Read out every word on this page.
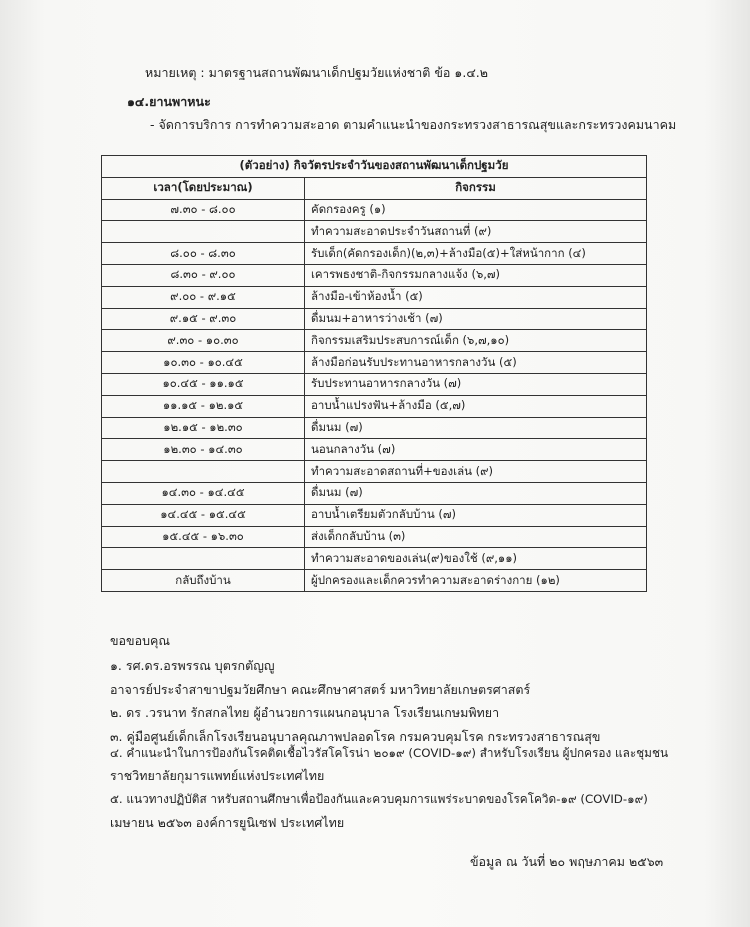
หมายเหตุ : มาตรฐานสถานพัฒนาเด็กปฐมวัยแห่งชาติ ข้อ ๑.๔.๒
๑๔.ยานพาหนะ
- จัดการบริการ การทำความสะอาด ตามคำแนะนำของกระทรวงสาธารณสุขและกระทรวงคมนาคม
(ตัวอย่าง) กิจวัตรประจำวันของสถานพัฒนาเด็กปฐมวัย	
เวลา(โดยประมาณ)	กิจกรรม
๗.๓๐ - ๘.๐๐	คัดกรองครู (๑)
	ทำความสะอาดประจำวันสถานที่ (๙)
๘.๐๐ - ๘.๓๐	รับเด็ก(คัดกรองเด็ก)(๒,๓)+ล้างมือ(๕)+ใส่หน้ากาก (๔)
๘.๓๐ - ๙.๐๐	เคารพธงชาติ-กิจกรรมกลางแจ้ง (๖,๗)
๙.๐๐ - ๙.๑๕	ล้างมือ-เข้าห้องน้ำ (๕)
๙.๑๕ - ๙.๓๐	ดื่มนม+อาหารว่างเช้า (๗)
๙.๓๐ - ๑๐.๓๐	กิจกรรมเสริมประสบการณ์เด็ก (๖,๗,๑๐)
๑๐.๓๐ - ๑๐.๔๕	ล้างมือก่อนรับประทานอาหารกลางวัน (๕)
๑๐.๔๕ - ๑๑.๑๕	รับประทานอาหารกลางวัน (๗)
๑๑.๑๕ - ๑๒.๑๕	อาบน้ำแปรงฟัน+ล้างมือ (๕,๗)
๑๒.๑๕ - ๑๒.๓๐	ดื่มนม (๗)
๑๒.๓๐ - ๑๔.๓๐	นอนกลางวัน (๗)
	ทำความสะอาดสถานที่+ของเล่น (๙)
๑๔.๓๐ - ๑๔.๔๕	ดื่มนม (๗)
๑๔.๔๕ - ๑๕.๔๕	อาบน้ำเตรียมตัวกลับบ้าน (๗)
๑๕.๔๕ - ๑๖.๓๐	ส่งเด็กกลับบ้าน (๓)
	ทำความสะอาดของเล่น(๙)ของใช้ (๙,๑๑)
กลับถึงบ้าน	ผู้ปกครองและเด็กควรทำความสะอาดร่างกาย (๑๒)
ขอขอบคุณ
๑. รศ.ดร.อรพรรณ บุตรกตัญญู
อาจารย์ประจำสาขาปฐมวัยศึกษา คณะศึกษาศาสตร์ มหาวิทยาลัยเกษตรศาสตร์
๒. ดร .วรนาท รักสกลไทย ผู้อำนวยการแผนกอนุบาล โรงเรียนเกษมพิทยา
๓. คู่มือศูนย์เด็กเล็กโรงเรียนอนุบาลคุณภาพปลอดโรค กรมควบคุมโรค กระทรวงสาธารณสุข
๔. คำแนะนำในการป้องกันโรคติดเชื้อไวรัสโคโรน่า ๒๐๑๙ (COVID-๑๙) สำหรับโรงเรียน ผู้ปกครอง และชุมชน
ราชวิทยาลัยกุมารแพทย์แห่งประเทศไทย
๕. แนวทางปฏิบัติส าหรับสถานศึกษาเพื่อป้องกันและควบคุมการแพร่ระบาดของโรคโควิด-๑๙ (COVID-๑๙)
เมษายน ๒๕๖๓ องค์การยูนิเซฟ ประเทศไทย
ข้อมูล ณ วันที่ ๒๐ พฤษภาคม ๒๕๖๓
